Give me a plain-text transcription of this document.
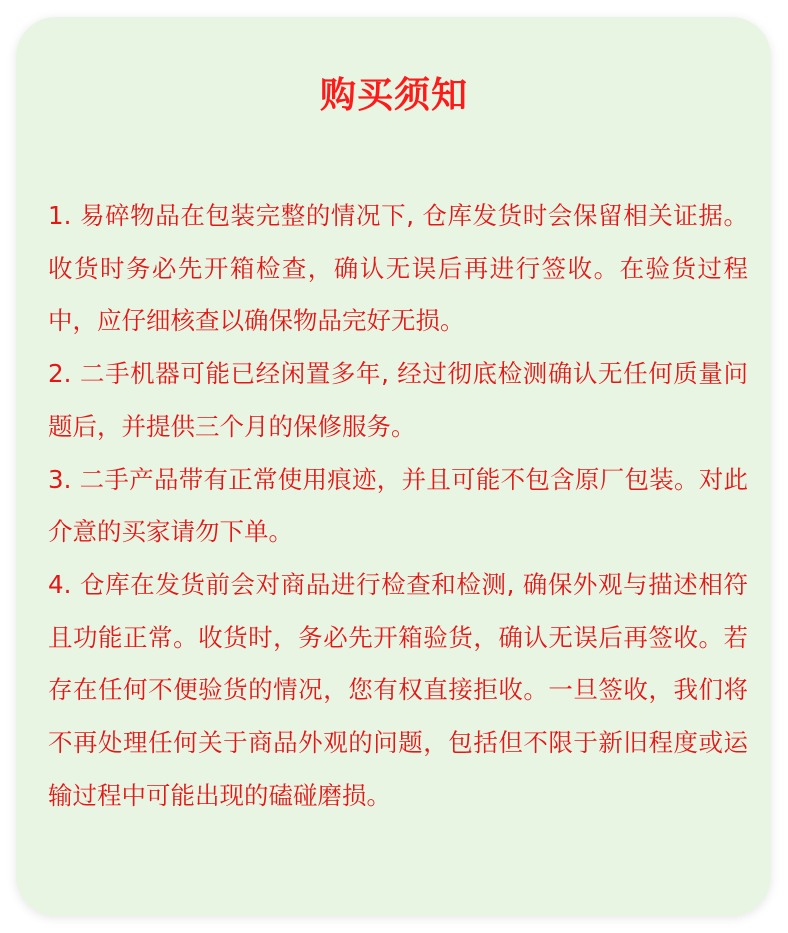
购买须知
1. 易碎物品在包装完整的情况下, 仓库发货时会保留相关证据。收货时务必先开箱检查，确认无误后再进行签收。在验货过程中，应仔细核查以确保物品完好无损。
2. 二手机器可能已经闲置多年, 经过彻底检测确认无任何质量问题后，并提供三个月的保修服务。
3. 二手产品带有正常使用痕迹，并且可能不包含原厂包装。对此介意的买家请勿下单。
4. 仓库在发货前会对商品进行检查和检测, 确保外观与描述相符且功能正常。收货时，务必先开箱验货，确认无误后再签收。若存在任何不便验货的情况，您有权直接拒收。一旦签收，我们将不再处理任何关于商品外观的问题，包括但不限于新旧程度或运输过程中可能出现的磕碰磨损。
